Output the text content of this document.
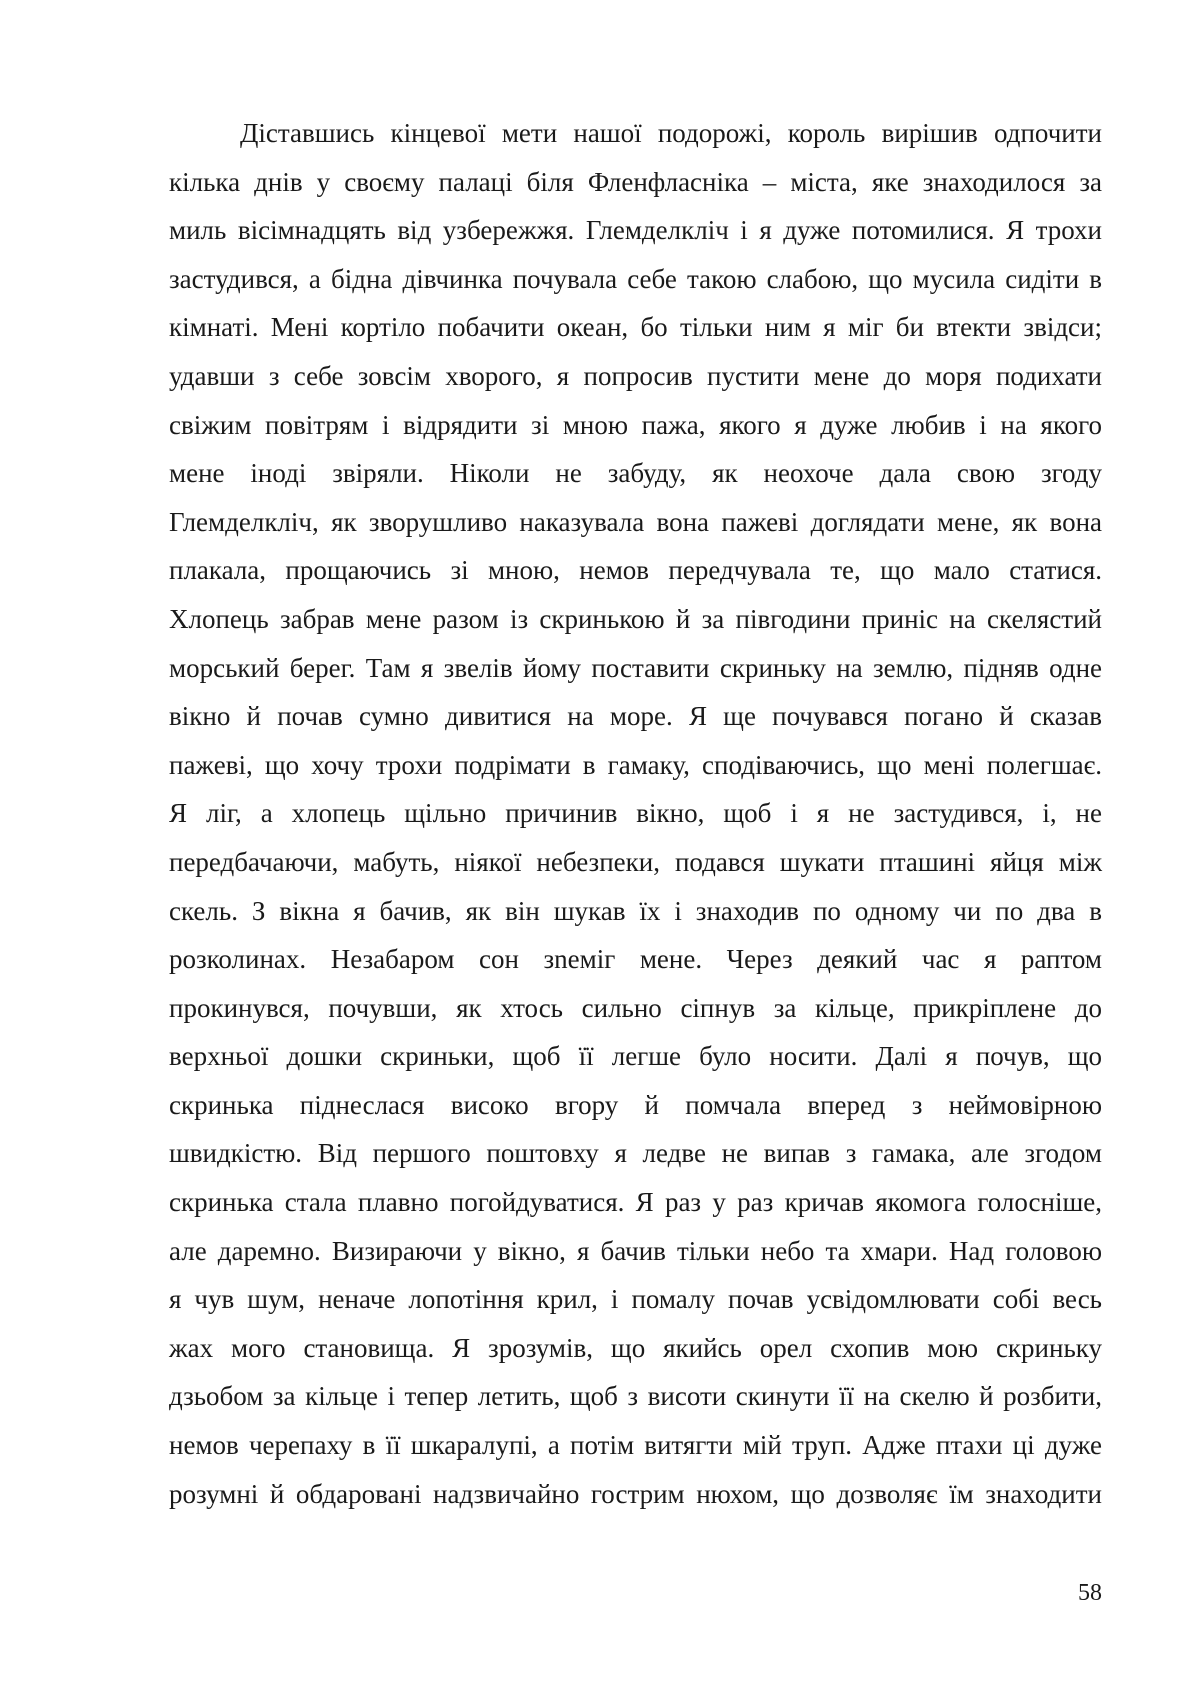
Діставшись кінцевої мети нашої подорожі, король вирішив одпочити
кілька днів у своєму палаці біля Фленфласніка – міста, яке знаходилося за
миль вісімнадцять від узбережжя. Глемделкліч і я дуже потомилися. Я трохи
застудився, а бідна дівчинка почувала себе такою слабою, що мусила сидіти в
кімнаті. Мені кортіло побачити океан, бо тільки ним я міг би втекти звідси;
удавши з себе зовсім хворого, я попросив пустити мене до моря подихати
свіжим повітрям і відрядити зі мною пажа, якого я дуже любив і на якого
мене іноді звіряли. Ніколи не забуду, як неохоче дала свою згоду
Глемделкліч, як зворушливо наказувала вона пажеві доглядати мене, як вона
плакала, прощаючись зі мною, немов передчувала те, що мало статися.
Хлопець забрав мене разом із скринькою й за півгодини приніс на скелястий
морський берег. Там я звелів йому поставити скриньку на землю, підняв одне
вікно й почав сумно дивитися на море. Я ще почувався погано й сказав
пажеві, що хочу трохи подрімати в гамаку, сподіваючись, що мені полегшає.
Я ліг, а хлопець щільно причинив вікно, щоб і я не застудився, і, не
передбачаючи, мабуть, ніякої небезпеки, подався шукати пташині яйця між
скель. З вікна я бачив, як він шукав їх і знаходив по одному чи по два в
розколинах. Незабаром сон зneміг мене. Через деякий час я раптом
прокинувся, почувши, як хтось сильно сіпнув за кільце, прикріплене до
верхньої дошки скриньки, щоб її легше було носити. Далі я почув, що
скринька піднеслася високо вгору й помчала вперед з неймовірною
швидкістю. Від першого поштовху я ледве не випав з гамака, але згодом
скринька стала плавно погойдуватися. Я раз у раз кричав якомога голосніше,
але даремно. Визираючи у вікно, я бачив тільки небо та хмари. Над головою
я чув шум, неначе лопотіння крил, і помалу почав усвідомлювати собі весь
жах мого становища. Я зрозумів, що якийсь орел схопив мою скриньку
дзьобом за кільце і тепер летить, щоб з висоти скинути її на скелю й розбити,
немов черепаху в її шкаралупі, а потім витягти мій труп. Адже птахи ці дуже
розумні й обдаровані надзвичайно гострим нюхом, що дозволяє їм знаходити
58
